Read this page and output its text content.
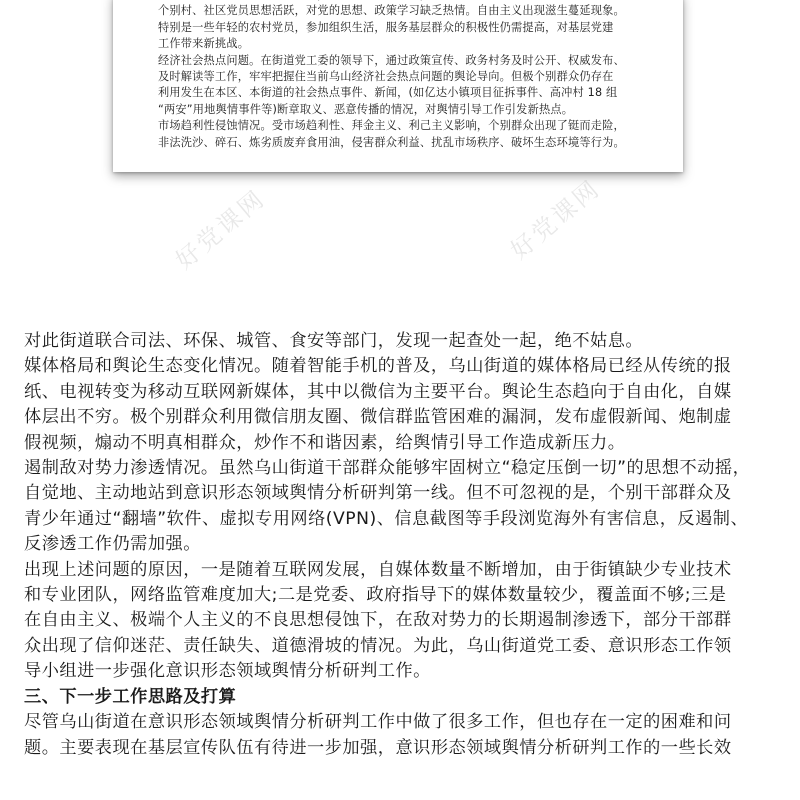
个别村、社区党员思想活跃，对党的思想、政策学习缺乏热情。自由主义出现滋生蔓延现象。
特别是一些年轻的农村党员，参加组织生活，服务基层群众的积极性仍需提高，对基层党建
工作带来新挑战。
经济社会热点问题。在街道党工委的领导下，通过政策宣传、政务村务及时公开、权威发布、
及时解读等工作，牢牢把握住当前乌山经济社会热点问题的舆论导向。但极个别群众仍存在
利用发生在本区、本街道的社会热点事件、新闻，(如亿达小镇项目征拆事件、高冲村 18 组
“两安”用地舆情事件等)断章取义、恶意传播的情况，对舆情引导工作引发新热点。
市场趋利性侵蚀情况。受市场趋利性、拜金主义、利己主义影响，个别群众出现了铤而走险，
非法洗沙、碎石、炼劣质废弃食用油，侵害群众利益、扰乱市场秩序、破坏生态环境等行为。
好党课网	好党课网
对此街道联合司法、环保、城管、食安等部门，发现一起查处一起，绝不姑息。
媒体格局和舆论生态变化情况。随着智能手机的普及，乌山街道的媒体格局已经从传统的报
纸、电视转变为移动互联网新媒体，其中以微信为主要平台。舆论生态趋向于自由化，自媒
体层出不穷。极个别群众利用微信朋友圈、微信群监管困难的漏洞，发布虚假新闻、炮制虚
假视频，煽动不明真相群众，炒作不和谐因素，给舆情引导工作造成新压力。
遏制敌对势力渗透情况。虽然乌山街道干部群众能够牢固树立“稳定压倒一切”的思想不动摇，
自觉地、主动地站到意识形态领域舆情分析研判第一线。但不可忽视的是，个别干部群众及
青少年通过“翻墙”软件、虚拟专用网络(VPN)、信息截图等手段浏览海外有害信息，反遏制、
反渗透工作仍需加强。
出现上述问题的原因，一是随着互联网发展，自媒体数量不断增加，由于街镇缺少专业技术
和专业团队，网络监管难度加大;二是党委、政府指导下的媒体数量较少，覆盖面不够;三是
在自由主义、极端个人主义的不良思想侵蚀下，在敌对势力的长期遏制渗透下，部分干部群
众出现了信仰迷茫、责任缺失、道德滑坡的情况。为此，乌山街道党工委、意识形态工作领
导小组进一步强化意识形态领域舆情分析研判工作。
三、下一步工作思路及打算
尽管乌山街道在意识形态领域舆情分析研判工作中做了很多工作，但也存在一定的困难和问
题。主要表现在基层宣传队伍有待进一步加强，意识形态领域舆情分析研判工作的一些长效
